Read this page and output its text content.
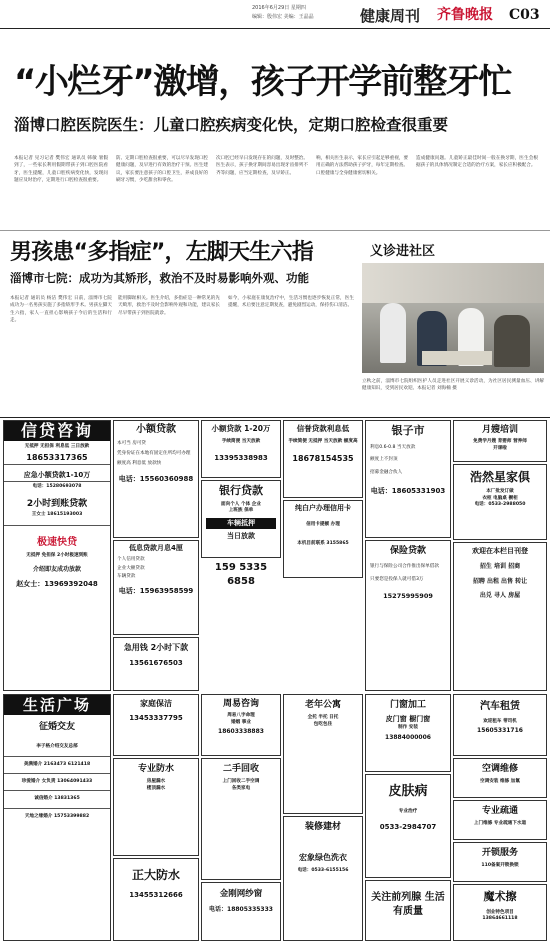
2016年6月29日 星期四
编辑：殷伟宏 美编：王晶晶	健康周刊 齐鲁晚报 C03
“小烂牙”激增，孩子开学前整牙忙
淄博口腔医院医生：儿童口腔疾病变化快，定期口腔检查很重要

本报记者 见习记者 樊伟宏 通讯员 韩敏 暑假到了，一些家长利用假期带孩子到口腔医院看牙，医生提醒，儿童口腔疾病变化快，发现问题应及时治疗，定期进行口腔检查很重要。

防、定期口腔检查很重要，可以尽早发现口腔健康问题，及早进行有效的治疗干预。医生建议，家长要注意孩子的口腔卫生，养成良好的刷牙习惯，少吃甜食和零食。

次口腔已经早日发现存在的问题，及时整治。医生表示，孩子换牙期间容易出现牙齿排列不齐等问题，应当定期检查，及早矫正。

响，相关医生表示，家长应引起足够重视，要用正确的方法帮助孩子护牙，每年定期检查。口腔健康与全身健康密切相关。

造成健康问题。儿童矫正最佳时间一般在换牙期，医生会根据孩子的具体情况制定合适的治疗方案，家长应积极配合。

男孩患“多指症”，左脚天生六指
淄博市七院：成功为其矫形，救治不及时易影响外观、功能

本报记者 通讯员 杨洁 樊伟宏 日前，淄博市七院成功为一名男孩实施了多指矫形手术。男孩左脚天生六指，家人一直担心影响孩子今后的生活和行走。

能用脚趾相关。医生介绍，多指症是一种常见的先天畸形，救治不及时会影响外观和功能，建议家长尽早带孩子到医院就诊。

如今，小家庭在康复治疗中，生活习惯也逐步恢复正常，医生提醒，术后要注意定期复查，避免剧烈运动，保持伤口清洁。

义诊进社区

立秋之前，淄博市七院组织医护人员走进社区开展义诊活动，为社区居民测量血压、讲解健康知识，受到居民欢迎。本报记者 刘海楠 摄

信贷咨询
无抵押 无担保 利息低 三日放款
18653317365
应急小额贷款1-10万
电话：15280693078
2小时到账贷款
王女士 18615193003
极速快贷
无抵押 免担保 2小时极速到账
介绍即友成功放款
赵女士：13969392048
小额贷款
本可当 房可贷
凭身份证在本地有固定住所均可办理
额度高 利息低 放款快
电话：15560360988
低息贷款月息4厘
个人信用贷款
企业大额贷款
车辆贷款
电话：15963958599
急用钱 2小时下款
13561676503
小额贷款 1-20万
手续简便 当天放款
13395338983
银行贷款
面向个人 个体 企业
上班族 保单
车辆抵押
当日放款
159 5335 6858
信誉贷款利息低
手续简便 无抵押 当天放款 额度高
18678154535
纯白户办理信用卡
信用卡提额 办理
本机目前联系 3155865
银子市
利息0.6-0.8 当天放款
额度上不封顶
招募金融合伙人
电话：18605331903
保险贷款
银行与保险公司合作推出保单借款
只要您是投保人就可借3万
15275995909
月嫂培训
免费学月嫂 育婴师 营养师
开课啦
浩然星家俱
本厂批发订做
衣柜 电脑桌 橱柜
电话：0533-2988050
欢迎在本栏目刊登
招生 培训 招商
招聘 出租 出售 转让
出兑 寻人 房屋
生活广场
征婚交友
李子格介绍交友总部
美满婚介 2163473 6121418
珍爱婚介 女负责 13064091433
诚信婚介 13831365
天地之缘婚介 15753399882
家庭保洁
13453337795
专业防水
房屋漏水
楼顶漏水
正大防水
13455312666
周易咨询
周易八字命理
婚姻 事业
18603338883
二手回收
上门回收二手空调
各类家电
金刚网纱窗
电话：18805335333
老年公寓
全托 半托 日托
包吃包住
装修建材
宏象绿色洗衣
电话：0533-6155156
门窗加工
皮门窗 橱门窗
制作 安装
13884000006
皮肤病
专业治疗
0533-2984707
关注前列腺 生活有质量
汽车租赁
欢迎租车 带司机
15605331716
空调维修
空调安装 维修 加氟
专业疏通
上门维修 专业疏通下水道
开锁服务
110备案开锁换锁
魔术擦
创业特色项目
13864661118
